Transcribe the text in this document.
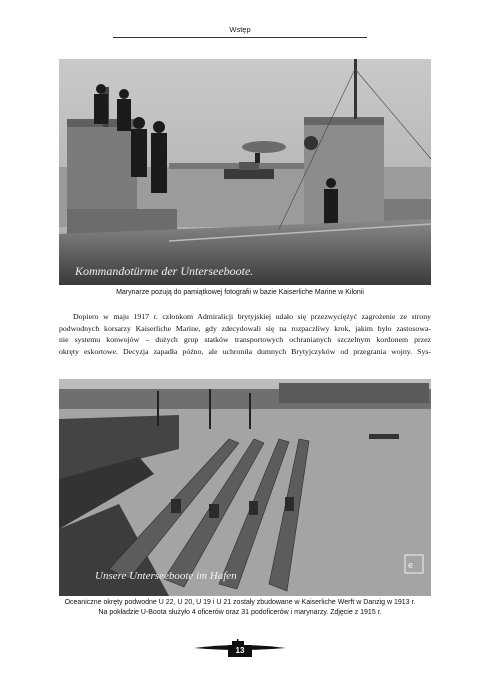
Wstęp
Kommandotürme der Unterseeboote.
Marynarze pozują do pamiątkowej fotografii w bazie Kaiserliche Marine w Kilonii
Dopiero w maju 1917 r. członkom Admiralicji brytyjskiej udało się przezwyciężyć zagrożenie ze strony
podwodnych korsarzy Kaiserliche Marine, gdy zdecydowali się na rozpaczliwy krok, jakim było zastosowa-
nie systemu konwojów – dużych grup statków transportowych ochranianych szczelnym kordonem przez
okręty eskortowe. Decyzja zapadła późno, ale uchroniła dumnych Brytyjczyków od przegrania wojny. Sys-
Unsere Unterseeboote im Hafen
e
Oceaniczne okręty podwodne U 22, U 20, U 19 i U 21 zostały zbudowane w Kaiserliche Werft w Danzig w 1913 r.
Na pokładzie U-Boota służyło 4 oficerów oraz 31 podoficerów i marynarzy. Zdjęcie z 1915 r.
13
